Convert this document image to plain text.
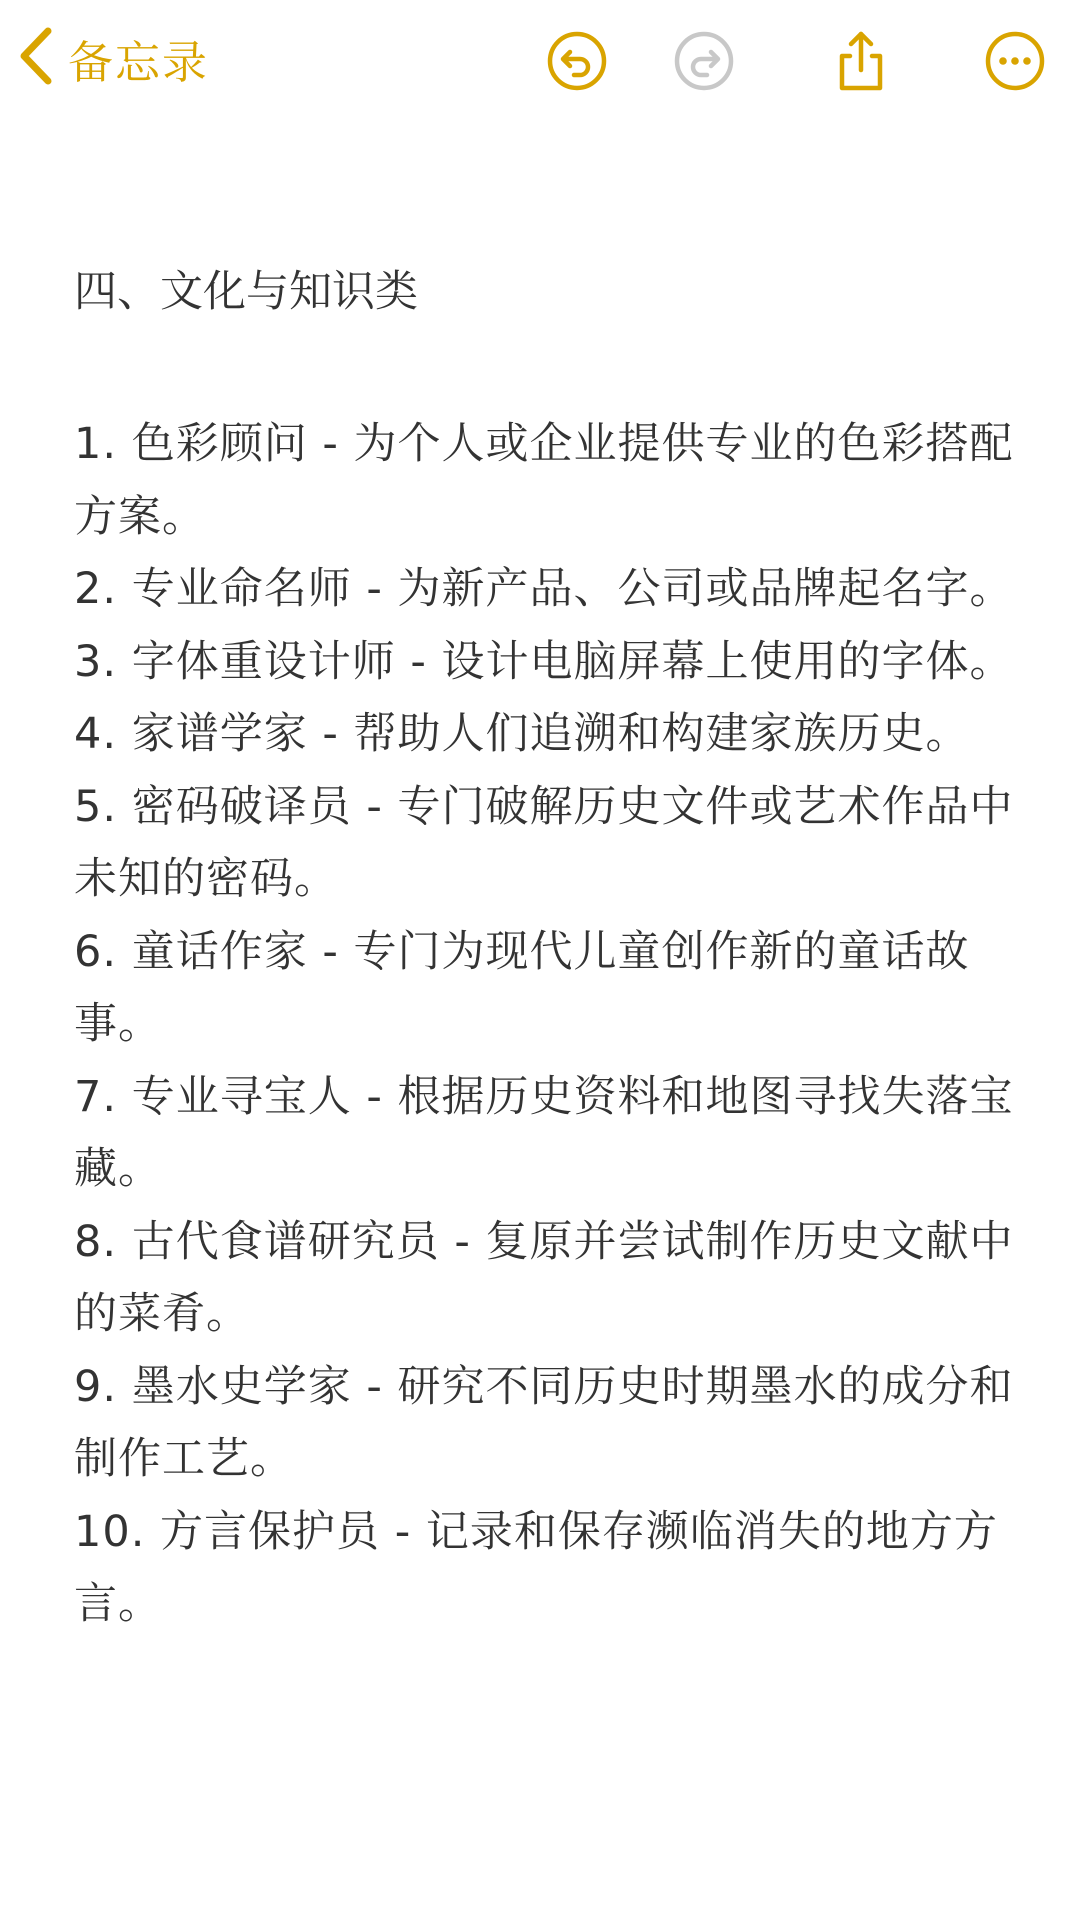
备忘录
四、文化与知识类
1. 色彩顾问 - 为个人或企业提供专业的色彩搭配方案。
2. 专业命名师 - 为新产品、公司或品牌起名字。
3. 字体重设计师 - 设计电脑屏幕上使用的字体。
4. 家谱学家 - 帮助人们追溯和构建家族历史。
5. 密码破译员 - 专门破解历史文件或艺术作品中未知的密码。
6. 童话作家 - 专门为现代儿童创作新的童话故事。
7. 专业寻宝人 - 根据历史资料和地图寻找失落宝藏。
8. 古代食谱研究员 - 复原并尝试制作历史文献中的菜肴。
9. 墨水史学家 - 研究不同历史时期墨水的成分和制作工艺。
10. 方言保护员 - 记录和保存濒临消失的地方方言。
